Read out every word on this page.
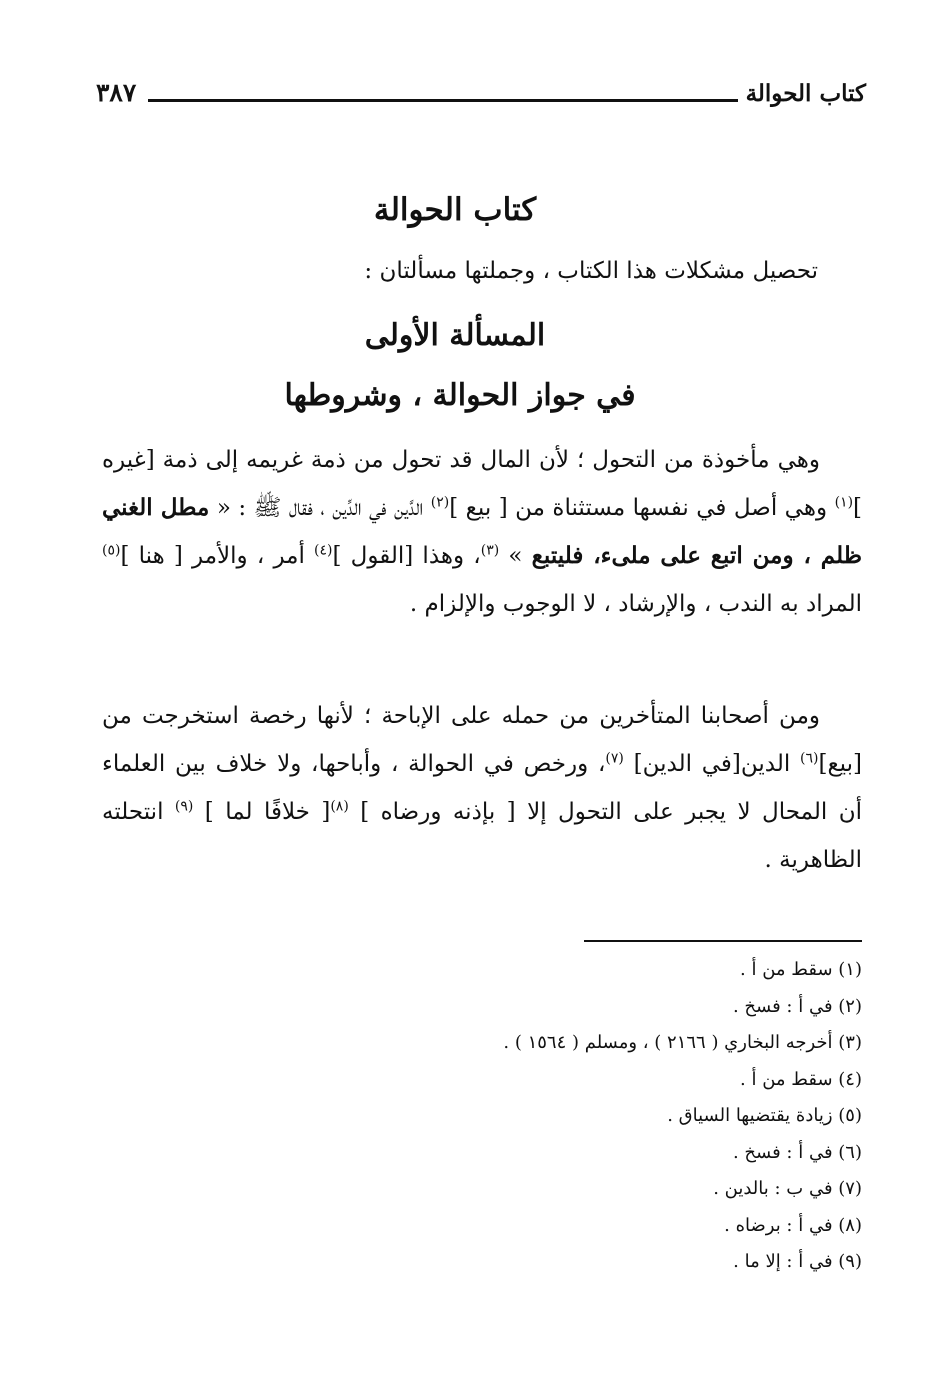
كتاب الحوالة
٣٨٧
كتاب الحوالة
تحصيل مشكلات هذا الكتاب ، وجملتها مسألتان :
المسألة الأولى
في جواز الحوالة ، وشروطها
وهي مأخوذة من التحول ؛ لأن المال قد تحول من ذمة غريمه إلى ذمة [غيره ]$^{(١)}$ وهي أصل في نفسها مستثناة من [ بيع ]$^{(٢)}$ الدَّين في الدِّين ، فقال ﷺ : « مطل الغني ظلم ، ومن اتبع على ملىء، فليتبع » $^{(٣)}$، وهذا [القول ]$^{(٤)}$ أمر ، والأمر [ هنا ]$^{(٥)}$ المراد به الندب ، والإرشاد ، لا الوجوب والإلزام .
ومن أصحابنا المتأخرين من حمله على الإباحة ؛ لأنها رخصة استخرجت من [بيع]$^{(٦)}$ الدين[في الدين] $^{(٧)}$، ورخص في الحوالة ، وأباحها، ولا خلاف بين العلماء أن المحال لا يجبر على التحول إلا [ بإذنه ورضاه ] $^{(٨)}$[ خلافًا لما ] $^{(٩)}$ انتحلته الظاهرية .
(١) سقط من أ .
(٢) في أ : فسخ .
(٣) أخرجه البخاري ( ٢١٦٦ ) ، ومسلم ( ١٥٦٤ ) .
(٤) سقط من أ .
(٥) زيادة يقتضيها السياق .
(٦) في أ : فسخ .
(٧) في ب : بالدين .
(٨) في أ : برضاه .
(٩) في أ : إلا ما .
